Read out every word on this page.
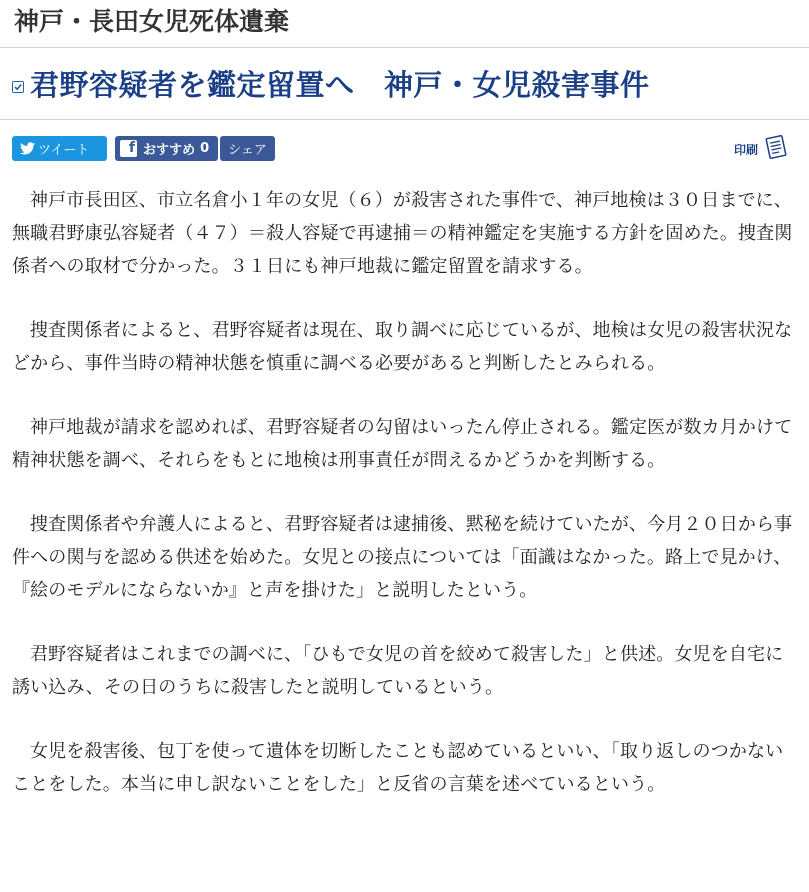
神戸・長田女児死体遺棄
君野容疑者を鑑定留置へ　神戸・女児殺害事件
ツイート	f おすすめ 0 シェア	印刷

神戸市長田区、市立名倉小１年の女児（６）が殺害された事件で、神戸地検は３０日までに、無職君野康弘容疑者（４７）＝殺人容疑で再逮捕＝の精神鑑定を実施する方針を固めた。捜査関係者への取材で分かった。３１日にも神戸地裁に鑑定留置を請求する。

捜査関係者によると、君野容疑者は現在、取り調べに応じているが、地検は女児の殺害状況などから、事件当時の精神状態を慎重に調べる必要があると判断したとみられる。

神戸地裁が請求を認めれば、君野容疑者の勾留はいったん停止される。鑑定医が数カ月かけて精神状態を調べ、それらをもとに地検は刑事責任が問えるかどうかを判断する。

捜査関係者や弁護人によると、君野容疑者は逮捕後、黙秘を続けていたが、今月２０日から事件への関与を認める供述を始めた。女児との接点については「面識はなかった。路上で見かけ、『絵のモデルにならないか』と声を掛けた」と説明したという。

君野容疑者はこれまでの調べに、「ひもで女児の首を絞めて殺害した」と供述。女児を自宅に誘い込み、その日のうちに殺害したと説明しているという。

女児を殺害後、包丁を使って遺体を切断したことも認めているといい、「取り返しのつかないことをした。本当に申し訳ないことをした」と反省の言葉を述べているという。
